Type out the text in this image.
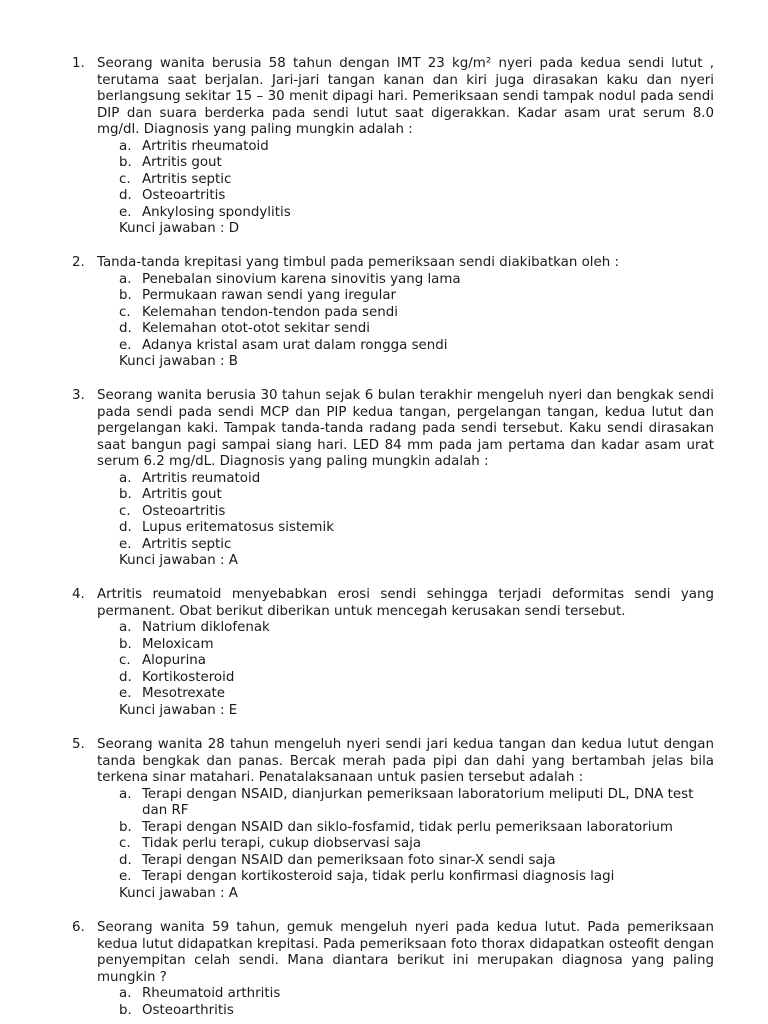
1. Seorang wanita berusia 58 tahun dengan IMT 23 kg/m² nyeri pada kedua sendi lutut , terutama saat berjalan. Jari-jari tangan kanan dan kiri juga dirasakan kaku dan nyeri berlangsung sekitar 15 – 30 menit dipagi hari. Pemeriksaan sendi tampak nodul pada sendi DIP dan suara berderka pada sendi lutut saat digerakkan. Kadar asam urat serum 8.0 mg/dl. Diagnosis yang paling mungkin adalah :
a. Artritis rheumatoid
b. Artritis gout
c. Artritis septic
d. Osteoartritis
e. Ankylosing spondylitis
Kunci jawaban : D
2. Tanda-tanda krepitasi yang timbul pada pemeriksaan sendi diakibatkan oleh :
a. Penebalan sinovium karena sinovitis yang lama
b. Permukaan rawan sendi yang iregular
c. Kelemahan tendon-tendon pada sendi
d. Kelemahan otot-otot sekitar sendi
e. Adanya kristal asam urat dalam rongga sendi
Kunci jawaban : B
3. Seorang wanita berusia 30 tahun sejak 6 bulan terakhir mengeluh nyeri dan bengkak sendi pada sendi pada sendi MCP dan PIP kedua tangan, pergelangan tangan, kedua lutut dan pergelangan kaki. Tampak tanda-tanda radang pada sendi tersebut. Kaku sendi dirasakan saat bangun pagi sampai siang hari. LED 84 mm pada jam pertama dan kadar asam urat serum 6.2 mg/dL. Diagnosis yang paling mungkin adalah :
a. Artritis reumatoid
b. Artritis gout
c. Osteoartritis
d. Lupus eritematosus sistemik
e. Artritis septic
Kunci jawaban : A
4. Artritis reumatoid menyebabkan erosi sendi sehingga terjadi deformitas sendi yang permanent. Obat berikut diberikan untuk mencegah kerusakan sendi tersebut.
a. Natrium diklofenak
b. Meloxicam
c. Alopurina
d. Kortikosteroid
e. Mesotrexate
Kunci jawaban : E
5. Seorang wanita 28 tahun mengeluh nyeri sendi jari kedua tangan dan kedua lutut dengan tanda bengkak dan panas. Bercak merah pada pipi dan dahi yang bertambah jelas bila terkena sinar matahari. Penatalaksanaan untuk pasien tersebut adalah :
a. Terapi dengan NSAID, dianjurkan pemeriksaan laboratorium meliputi DL, DNA test dan RF
b. Terapi dengan NSAID dan siklo-fosfamid, tidak perlu pemeriksaan laboratorium
c. Tidak perlu terapi, cukup diobservasi saja
d. Terapi dengan NSAID dan pemeriksaan foto sinar-X sendi saja
e. Terapi dengan kortikosteroid saja, tidak perlu konfirmasi diagnosis lagi
Kunci jawaban : A
6. Seorang wanita 59 tahun, gemuk mengeluh nyeri pada kedua lutut. Pada pemeriksaan kedua lutut didapatkan krepitasi. Pada pemeriksaan foto thorax didapatkan osteofit dengan penyempitan celah sendi. Mana diantara berikut ini merupakan diagnosa yang paling mungkin ?
a. Rheumatoid arthritis
b. Osteoarthritis
